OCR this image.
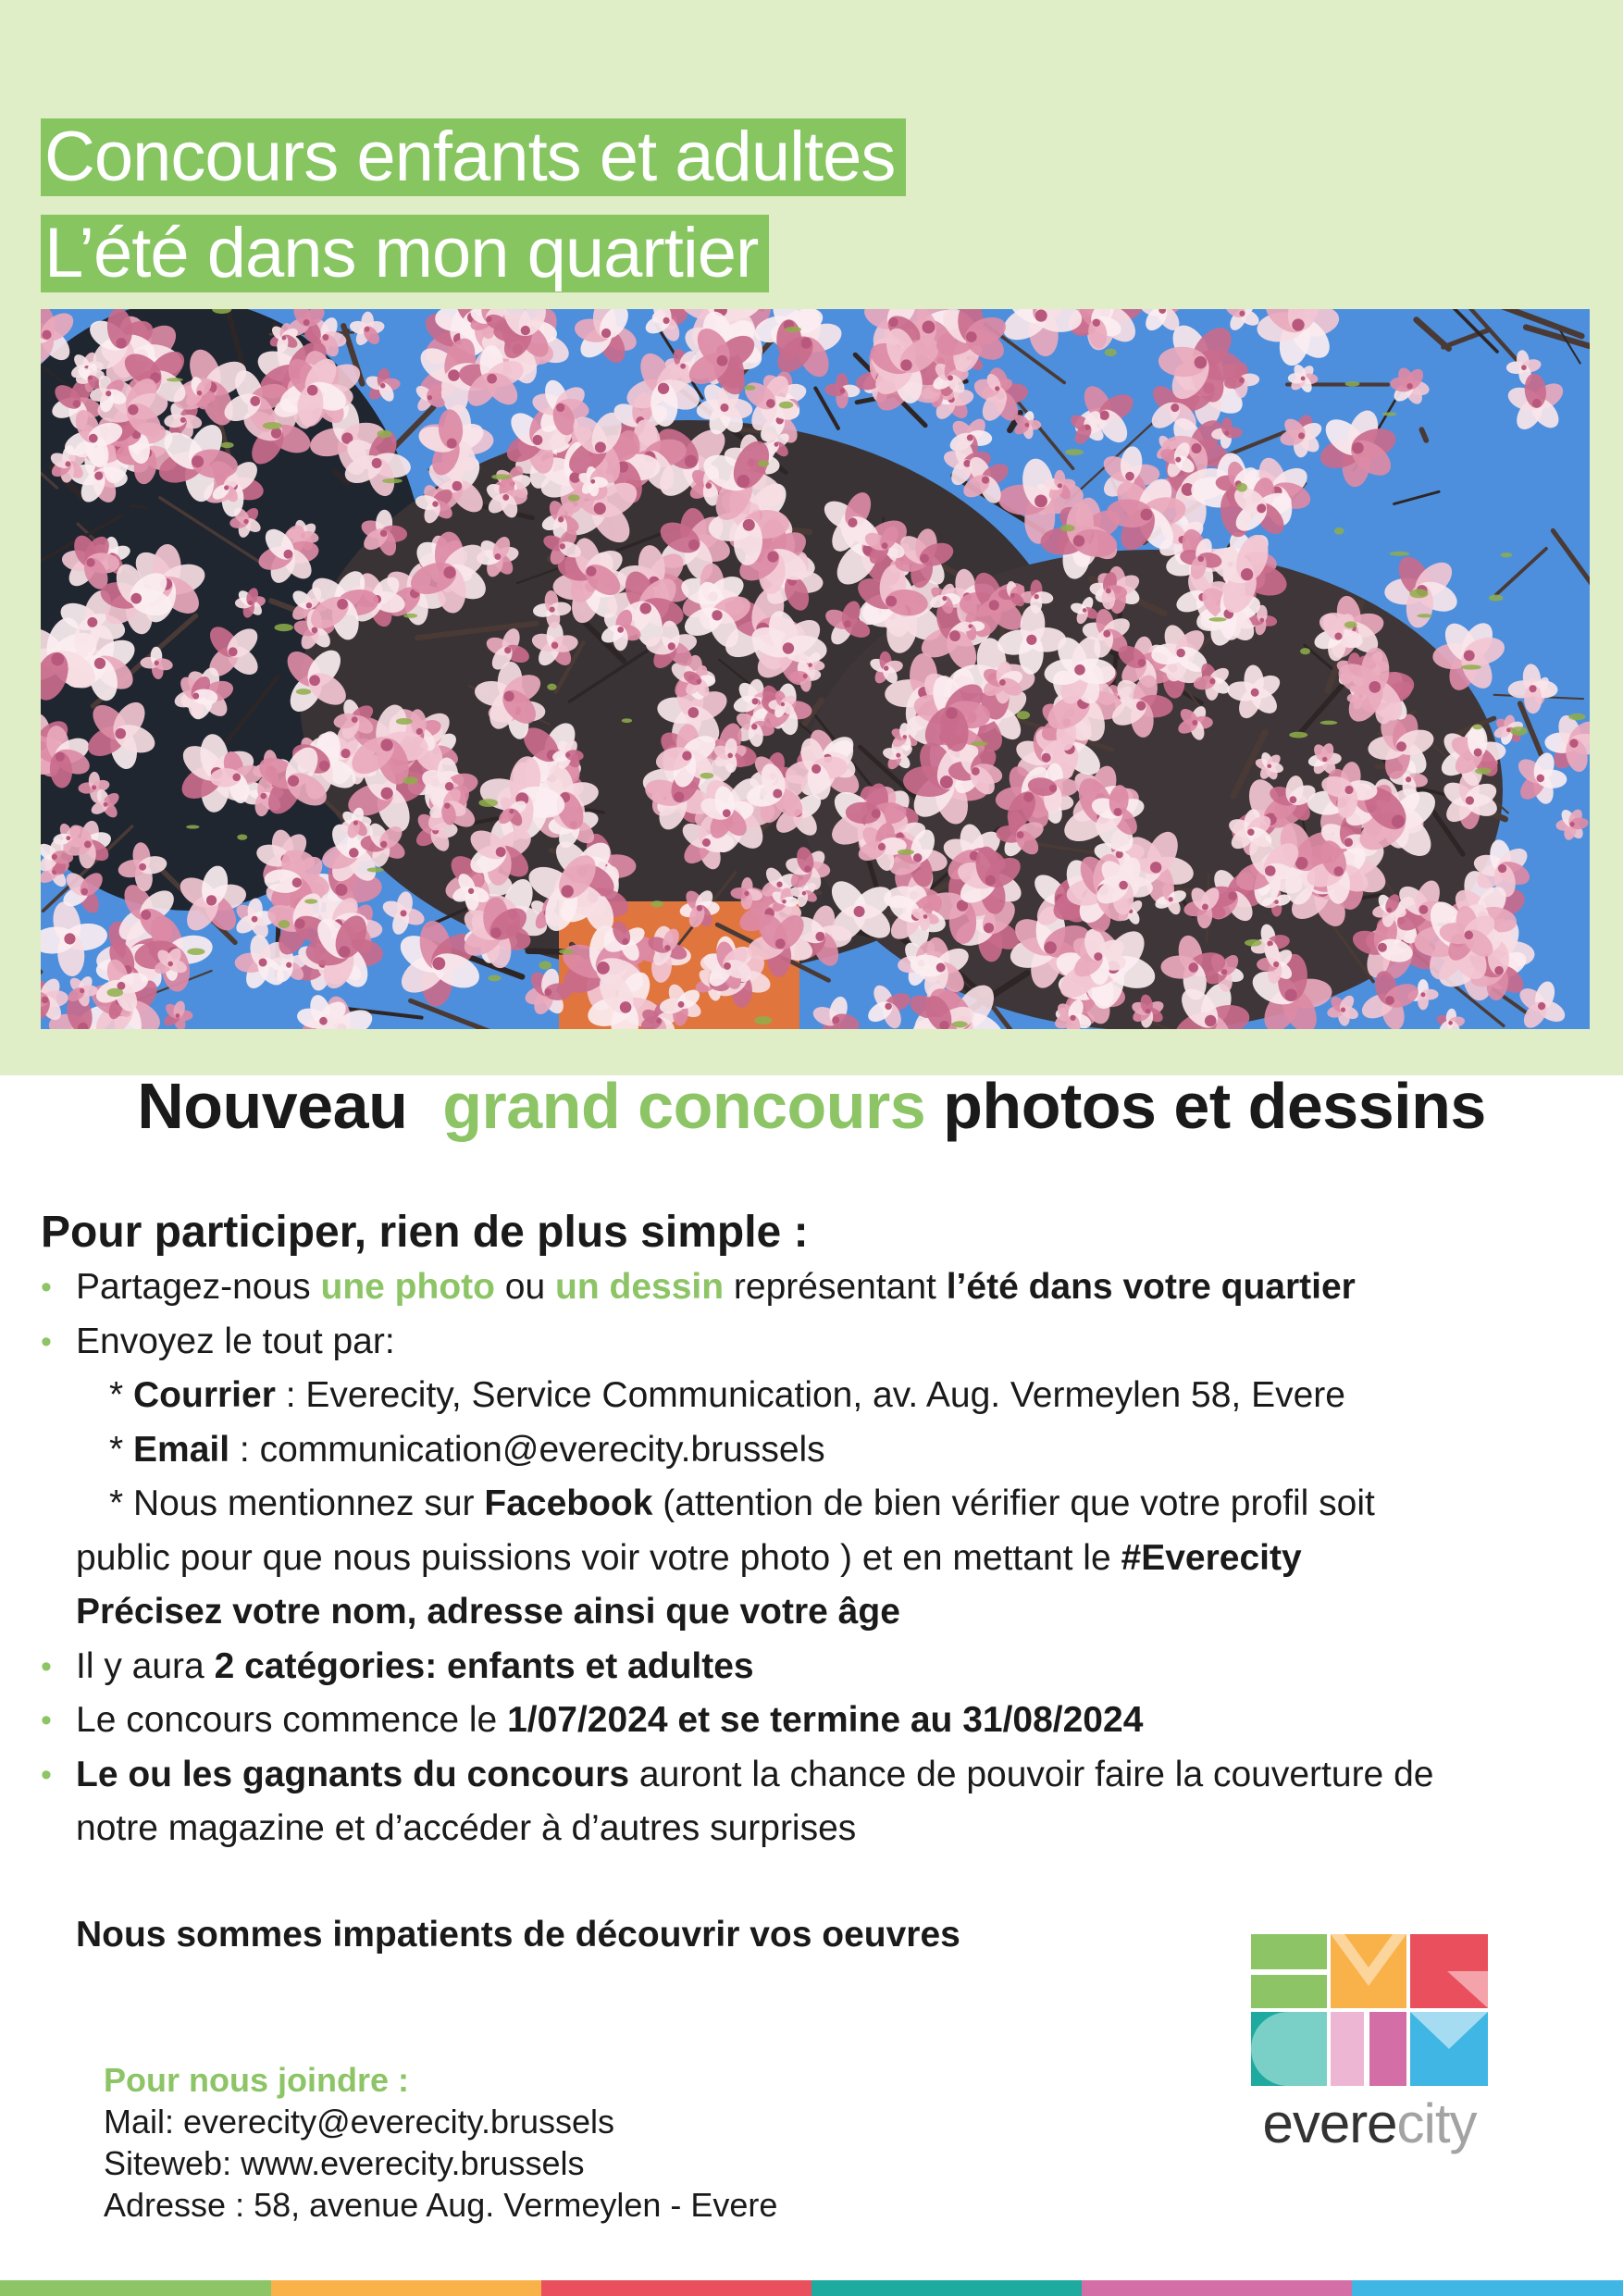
Concours enfants et adultes
L’été dans mon quartier
Nouveau grand concours photos et dessins
Pour participer, rien de plus simple :
• Partagez-nous une photo ou un dessin représentant l’été dans votre quartier
• Envoyez le tout par:
* Courrier : Everecity, Service Communication, av. Aug. Vermeylen 58, Evere
* Email : communication@everecity.brussels
* Nous mentionnez sur Facebook (attention de bien vérifier que votre profil soit
public pour que nous puissions voir votre photo ) et en mettant le #Everecity
Précisez votre nom, adresse ainsi que votre âge
• Il y aura 2 catégories: enfants et adultes
• Le concours commence le 1/07/2024 et se termine au 31/08/2024
• Le ou les gagnants du concours auront la chance de pouvoir faire la couverture de
notre magazine et d’accéder à d’autres surprises
Nous sommes impatients de découvrir vos oeuvres
Pour nous joindre :
Mail: everecity@everecity.brussels
Siteweb: www.everecity.brussels
Adresse : 58, avenue Aug. Vermeylen - Evere
everecity
